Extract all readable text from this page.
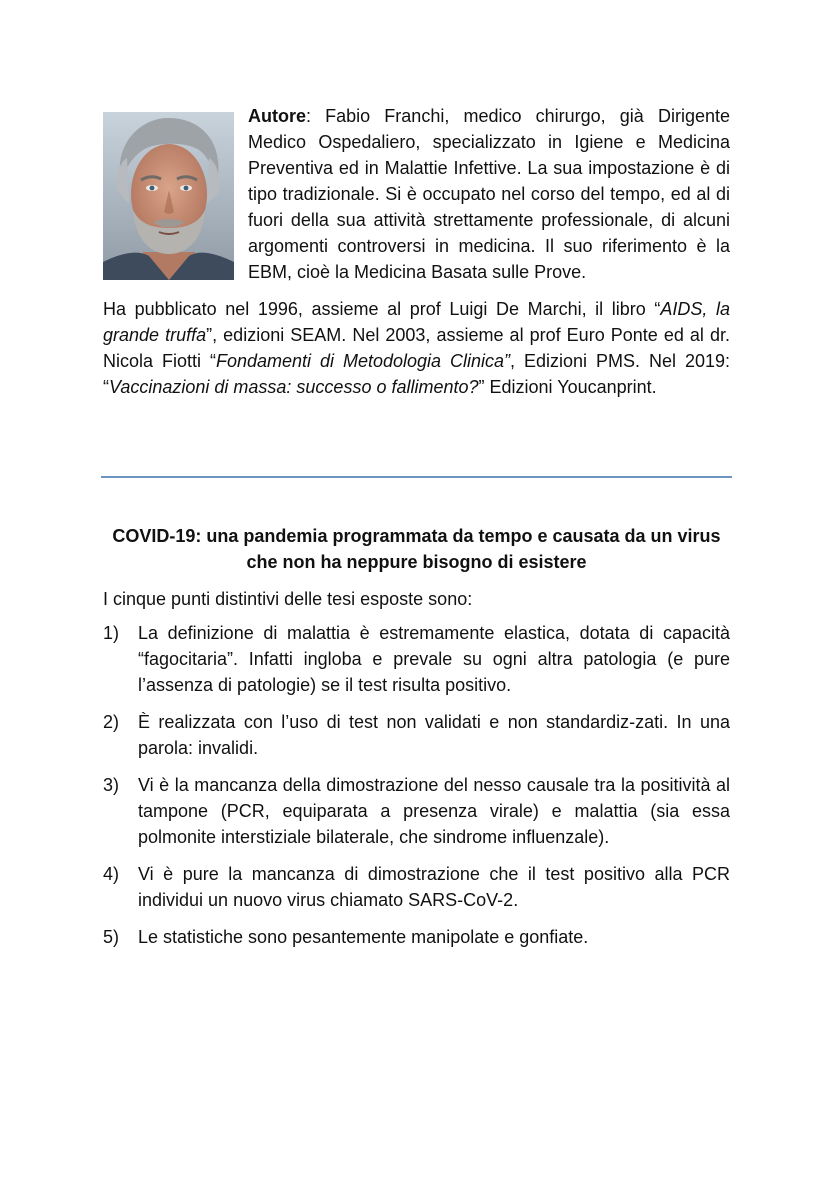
Autore: Fabio Franchi, medico chirurgo, già Dirigente Medico Ospedaliero, specializzato in Igiene e Medicina Preventiva ed in Malattie Infettive. La sua impostazione è di tipo tradizionale. Si è occupato nel corso del tempo, ed al di fuori della sua attività strettamente professionale, di alcuni argomenti controversi in medicina. Il suo riferimento è la EBM, cioè la Medicina Basata sulle Prove.

Ha pubblicato nel 1996, assieme al prof Luigi De Marchi, il libro “AIDS, la grande truffa”, edizioni SEAM. Nel 2003, assieme al prof Euro Ponte ed al dr. Nicola Fiotti “Fondamenti di Metodologia Clinica”, Edizioni PMS. Nel 2019: “Vaccinazioni di massa: successo o fallimento?” Edizioni Youcanprint.

COVID-19: una pandemia programmata da tempo e causata da un virus
che non ha neppure bisogno di esistere
I cinque punti distintivi delle tesi esposte sono:
1) La definizione di malattia è estremamente elastica, dotata di capacità “fagocitaria”. Infatti ingloba e prevale su ogni altra patologia (e pure l’assenza di patologie) se il test risulta positivo.

2) È realizzata con l’uso di test non validati e non standardiz-zati. In una parola: invalidi.

3) Vi è la mancanza della dimostrazione del nesso causale tra la positività al tampone (PCR, equiparata a presenza virale) e malattia (sia essa polmonite interstiziale bilaterale, che sindrome influenzale).

4) Vi è pure la mancanza di dimostrazione che il test positivo alla PCR individui un nuovo virus chiamato SARS-CoV-2.

5) Le statistiche sono pesantemente manipolate e gonfiate.
